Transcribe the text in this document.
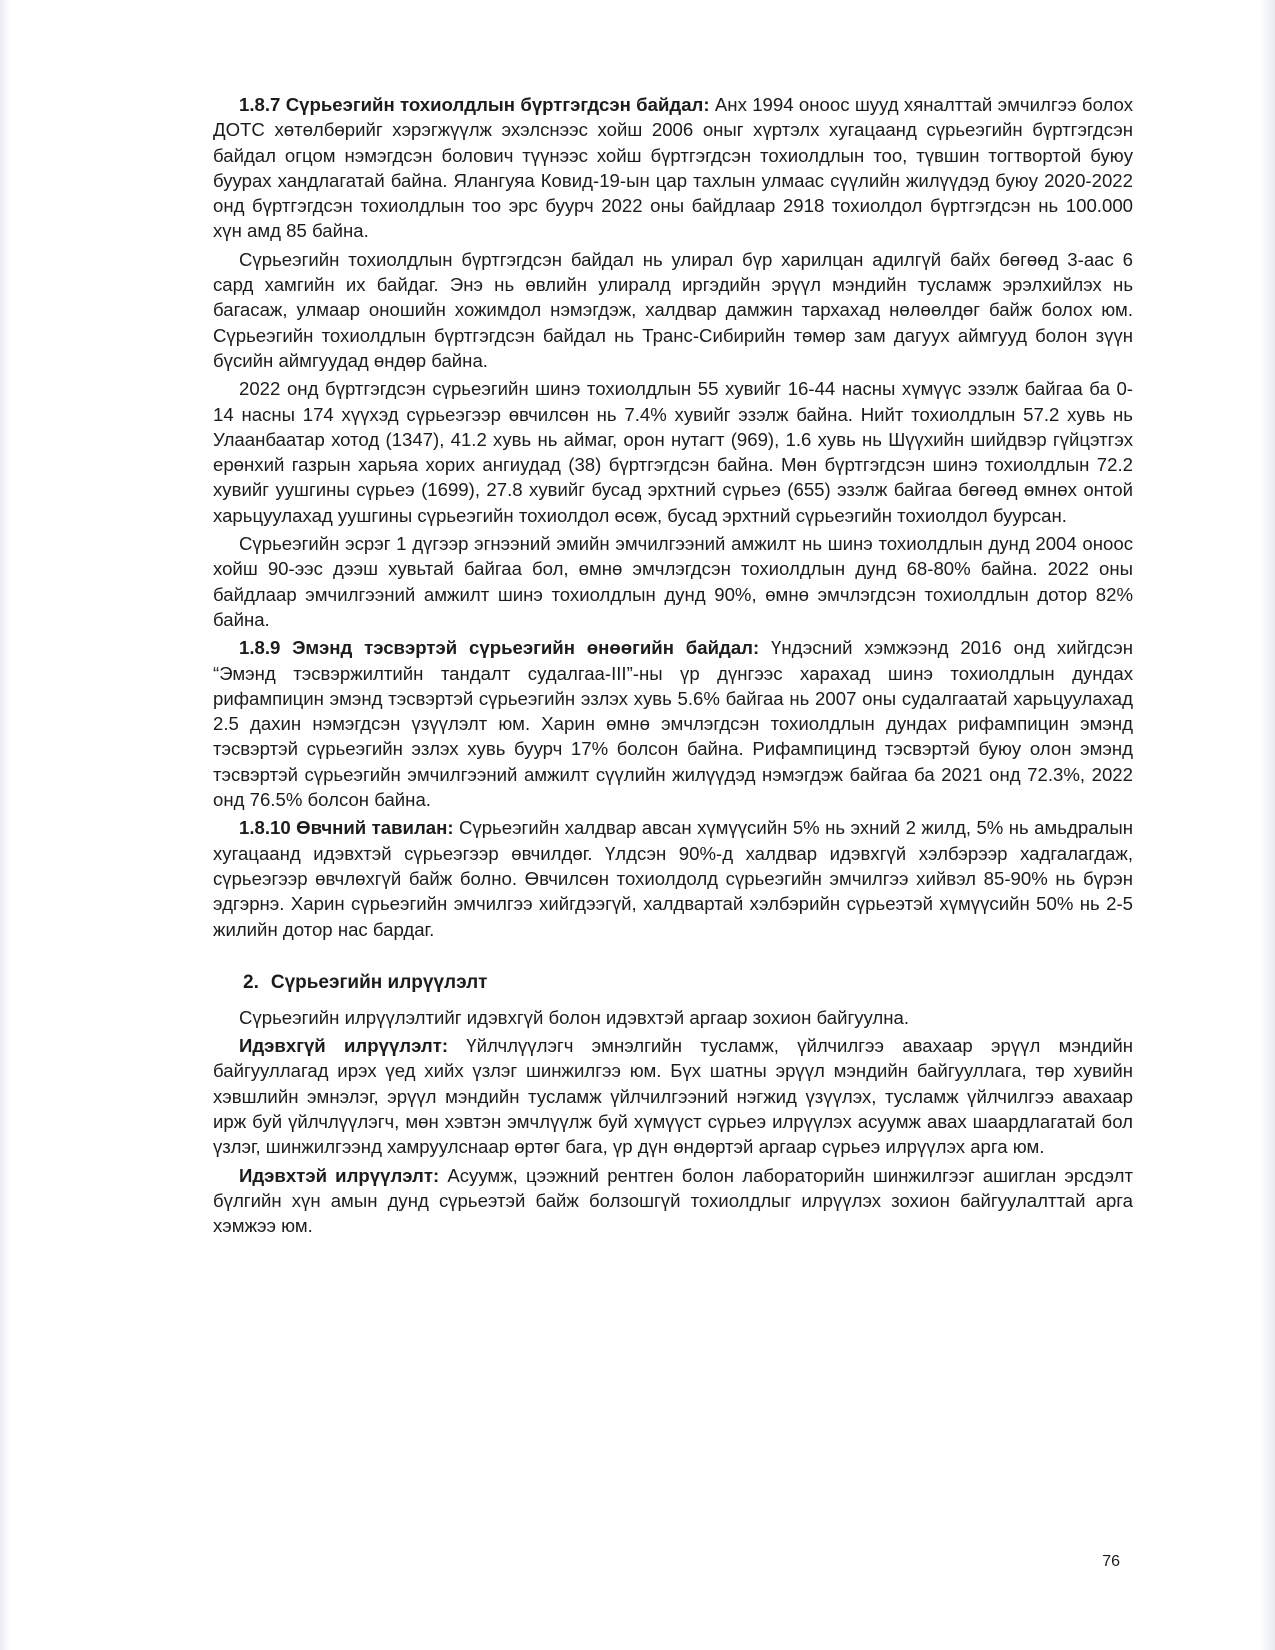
1.8.7 Сүрьеэгийн тохиолдлын бүртгэгдсэн байдал: Анх 1994 оноос шууд хяналттай эмчилгээ болох ДОТС хөтөлбөрийг хэрэгжүүлж эхэлснээс хойш 2006 оныг хүртэлх хугацаанд сүрьеэгийн бүртгэгдсэн байдал огцом нэмэгдсэн болович түүнээс хойш бүртгэгдсэн тохиолдлын тоо, түвшин тогтвортой буюу буурах хандлагатай байна. Ялангуяа Ковид-19-ын цар тахлын улмаас сүүлийн жилүүдэд буюу 2020-2022 онд бүртгэгдсэн тохиолдлын тоо эрс буурч 2022 оны байдлаар 2918 тохиолдол бүртгэгдсэн нь 100.000 хүн амд 85 байна.

Сүрьеэгийн тохиолдлын бүртгэгдсэн байдал нь улирал бүр харилцан адилгүй байх бөгөөд 3-аас 6 сард хамгийн их байдаг. Энэ нь өвлийн улиралд иргэдийн эрүүл мэндийн тусламж эрэлхийлэх нь багасаж, улмаар оношийн хожимдол нэмэгдэж, халдвар дамжин тархахад нөлөөлдөг байж болох юм. Сүрьеэгийн тохиолдлын бүртгэгдсэн байдал нь Транс-Сибирийн төмөр зам дагуух аймгууд болон зүүн бүсийн аймгуудад өндөр байна.

2022 онд бүртгэгдсэн сүрьеэгийн шинэ тохиолдлын 55 хувийг 16-44 насны хүмүүс эзэлж байгаа ба 0-14 насны 174 хүүхэд сүрьеэгээр өвчилсөн нь 7.4% хувийг эзэлж байна. Нийт тохиолдлын 57.2 хувь нь Улаанбаатар хотод (1347), 41.2 хувь нь аймаг, орон нутагт (969), 1.6 хувь нь Шүүхийн шийдвэр гүйцэтгэх ерөнхий газрын харьяа хорих ангиудад (38) бүртгэгдсэн байна. Мөн бүртгэгдсэн шинэ тохиолдлын 72.2 хувийг уушгины сүрьеэ (1699), 27.8 хувийг бусад эрхтний сүрьеэ (655) эзэлж байгаа бөгөөд өмнөх онтой харьцуулахад уушгины сүрьеэгийн тохиолдол өсөж, бусад эрхтний сүрьеэгийн тохиолдол буурсан.

Сүрьеэгийн эсрэг 1 дүгээр эгнээний эмийн эмчилгээний амжилт нь шинэ тохиолдлын дунд 2004 оноос хойш 90-ээс дээш хувьтай байгаа бол, өмнө эмчлэгдсэн тохиолдлын дунд 68-80% байна. 2022 оны байдлаар эмчилгээний амжилт шинэ тохиолдлын дунд 90%, өмнө эмчлэгдсэн тохиолдлын дотор 82% байна.

1.8.9 Эмэнд тэсвэртэй сүрьеэгийн өнөөгийн байдал: Үндэсний хэмжээнд 2016 онд хийгдсэн “Эмэнд тэсвэржилтийн тандалт судалгаа-III”-ны үр дүнгээс харахад шинэ тохиолдлын дундах рифампицин эмэнд тэсвэртэй сүрьеэгийн эзлэх хувь 5.6% байгаа нь 2007 оны судалгаатай харьцуулахад 2.5 дахин нэмэгдсэн үзүүлэлт юм. Харин өмнө эмчлэгдсэн тохиолдлын дундах рифампицин эмэнд тэсвэртэй сүрьеэгийн эзлэх хувь буурч 17% болсон байна. Рифампицинд тэсвэртэй буюу олон эмэнд тэсвэртэй сүрьеэгийн эмчилгээний амжилт сүүлийн жилүүдэд нэмэгдэж байгаа ба 2021 онд 72.3%, 2022 онд 76.5% болсон байна.

1.8.10 Өвчний тавилан: Сүрьеэгийн халдвар авсан хүмүүсийн 5% нь эхний 2 жилд, 5% нь амьдралын хугацаанд идэвхтэй сүрьеэгээр өвчилдөг. Үлдсэн 90%-д халдвар идэвхгүй хэлбэрээр хадгалагдаж, сүрьеэгээр өвчлөхгүй байж болно. Өвчилсөн тохиолдолд сүрьеэгийн эмчилгээ хийвэл 85-90% нь бүрэн эдгэрнэ. Харин сүрьеэгийн эмчилгээ хийгдээгүй, халдвартай хэлбэрийн сүрьеэтэй хүмүүсийн 50% нь 2-5 жилийн дотор нас бардаг.

2. Сүрьеэгийн илрүүлэлт

Сүрьеэгийн илрүүлэлтийг идэвхгүй болон идэвхтэй аргаар зохион байгуулна.

Идэвхгүй илрүүлэлт: Үйлчлүүлэгч эмнэлгийн тусламж, үйлчилгээ авахаар эрүүл мэндийн байгууллагад ирэх үед хийх үзлэг шинжилгээ юм. Бүх шатны эрүүл мэндийн байгууллага, төр хувийн хэвшлийн эмнэлэг, эрүүл мэндийн тусламж үйлчилгээний нэгжид үзүүлэх, тусламж үйлчилгээ авахаар ирж буй үйлчлүүлэгч, мөн хэвтэн эмчлүүлж буй хүмүүст сүрьеэ илрүүлэх асуумж авах шаардлагатай бол үзлэг, шинжилгээнд хамруулснаар өртөг бага, үр дүн өндөртэй аргаар сүрьеэ илрүүлэх арга юм.

Идэвхтэй илрүүлэлт: Асуумж, цээжний рентген болон лабораторийн шинжилгээг ашиглан эрсдэлт бүлгийн хүн амын дунд сүрьеэтэй байж болзошгүй тохиолдлыг илрүүлэх зохион байгуулалттай арга хэмжээ юм.

76
